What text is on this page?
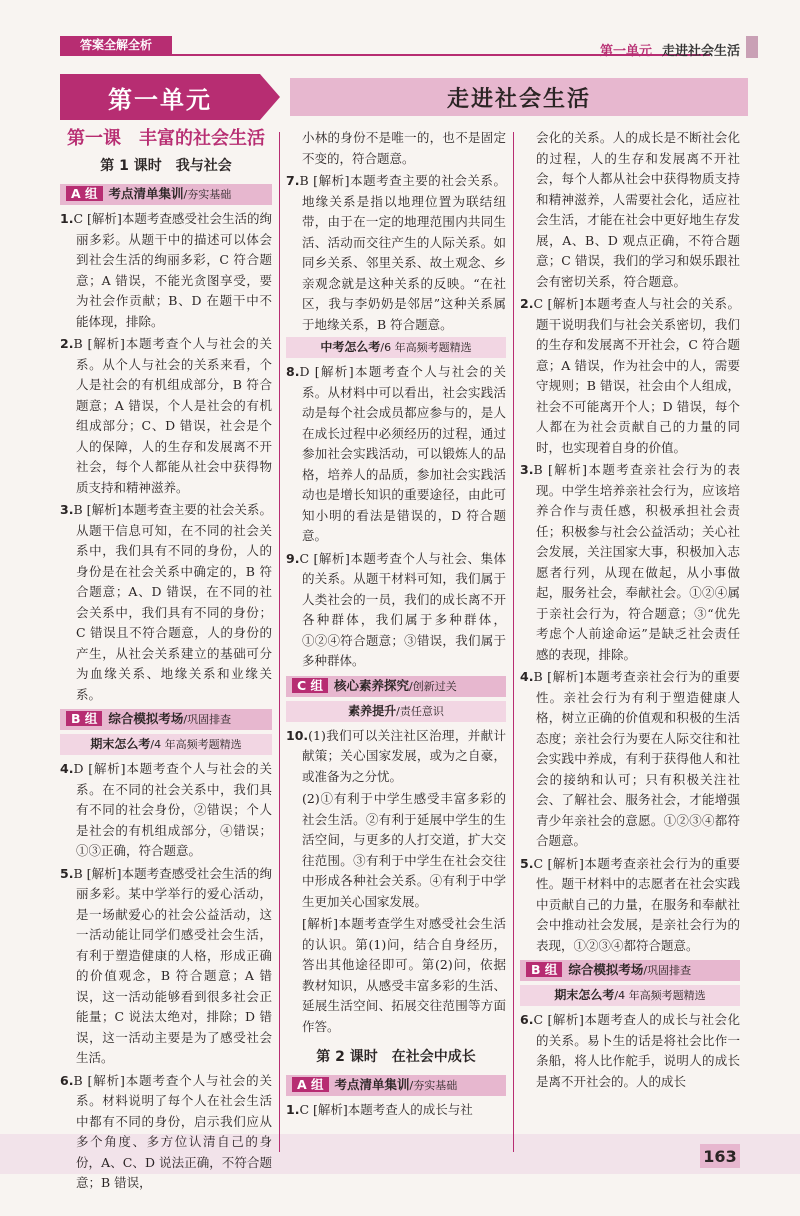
答案全解全析	第一单元 走进社会生活
第一单元	走进社会生活
第一课　丰富的社会生活
第 1 课时　我与社会
A 组 考点清单集训/夯实基础

1.C [解析]本题考查感受社会生活的绚丽多彩。从题干中的描述可以体会到社会生活的绚丽多彩，C 符合题意；A 错误，不能光贪图享受，要为社会作贡献；B、D 在题干中不能体现，排除。

2.B [解析]本题考查个人与社会的关系。从个人与社会的关系来看，个人是社会的有机组成部分，B 符合题意；A 错误，个人是社会的有机组成部分；C、D 错误，社会是个人的保障，人的生存和发展离不开社会，每个人都能从社会中获得物质支持和精神滋养。

3.B [解析]本题考查主要的社会关系。从题干信息可知，在不同的社会关系中，我们具有不同的身份，人的身份是在社会关系中确定的，B 符合题意；A、D 错误，在不同的社会关系中，我们具有不同的身份；C 错误且不符合题意，人的身份的产生，从社会关系建立的基础可分为血缘关系、地缘关系和业缘关系。

B 组 综合模拟考场/巩固排查
期末怎么考/4 年高频考题精选

4.D [解析]本题考查个人与社会的关系。在不同的社会关系中，我们具有不同的社会身份，②错误；个人是社会的有机组成部分，④错误；①③正确，符合题意。

5.B [解析]本题考查感受社会生活的绚丽多彩。某中学举行的爱心活动，是一场献爱心的社会公益活动，这一活动能让同学们感受社会生活，有利于塑造健康的人格，形成正确的价值观念，B 符合题意；A 错误，这一活动能够看到很多社会正能量；C 说法太绝对，排除；D 错误，这一活动主要是为了感受社会生活。

6.B [解析]本题考查个人与社会的关系。材料说明了每个人在社会生活中都有不同的身份，启示我们应从多个角度、多方位认清自己的身份，A、C、D 说法正确，不符合题意；B 错误，

小林的身份不是唯一的，也不是固定不变的，符合题意。

7.B [解析]本题考查主要的社会关系。地缘关系是指以地理位置为联结纽带，由于在一定的地理范围内共同生活、活动而交往产生的人际关系。如同乡关系、邻里关系、故土观念、乡亲观念就是这种关系的反映。“在社区，我与李奶奶是邻居”这种关系属于地缘关系，B 符合题意。

中考怎么考/6 年高频考题精选

8.D [解析]本题考查个人与社会的关系。从材料中可以看出，社会实践活动是每个社会成员都应参与的，是人在成长过程中必须经历的过程，通过参加社会实践活动，可以锻炼人的品格，培养人的品质，参加社会实践活动也是增长知识的重要途径，由此可知小明的看法是错误的，D 符合题意。

9.C [解析]本题考查个人与社会、集体的关系。从题干材料可知，我们属于人类社会的一员，我们的成长离不开各种群体，我们属于多种群体，①②④符合题意；③错误，我们属于多种群体。

C 组 核心素养探究/创新过关
素养提升/责任意识

10.(1)我们可以关注社区治理，并献计献策；关心国家发展，或为之自豪，或准备为之分忧。

(2)①有利于中学生感受丰富多彩的社会生活。②有利于延展中学生的生活空间，与更多的人打交道，扩大交往范围。③有利于中学生在社会交往中形成各种社会关系。④有利于中学生更加关心国家发展。

[解析]本题考查学生对感受社会生活的认识。第(1)问，结合自身经历，答出其他途径即可。第(2)问，依据教材知识，从感受丰富多彩的生活、延展生活空间、拓展交往范围等方面作答。

第 2 课时　在社会中成长
A 组 考点清单集训/夯实基础

1.C [解析]本题考查人的成长与社

会化的关系。人的成长是不断社会化的过程，人的生存和发展离不开社会，每个人都从社会中获得物质支持和精神滋养，人需要社会化，适应社会生活，才能在社会中更好地生存发展，A、B、D 观点正确，不符合题意；C 错误，我们的学习和娱乐跟社会有密切关系，符合题意。

2.C [解析]本题考查人与社会的关系。题干说明我们与社会关系密切，我们的生存和发展离不开社会，C 符合题意；A 错误，作为社会中的人，需要守规则；B 错误，社会由个人组成，社会不可能离开个人；D 错误，每个人都在为社会贡献自己的力量的同时，也实现着自身的价值。

3.B [解析]本题考查亲社会行为的表现。中学生培养亲社会行为，应该培养合作与责任感，积极承担社会责任；积极参与社会公益活动；关心社会发展，关注国家大事，积极加入志愿者行列，从现在做起，从小事做起，服务社会，奉献社会。①②④属于亲社会行为，符合题意；③“优先考虑个人前途命运”是缺乏社会责任感的表现，排除。

4.B [解析]本题考查亲社会行为的重要性。亲社会行为有利于塑造健康人格，树立正确的价值观和积极的生活态度；亲社会行为要在人际交往和社会实践中养成，有利于获得他人和社会的接纳和认可；只有积极关注社会、了解社会、服务社会，才能增强青少年亲社会的意愿。①②③④都符合题意。

5.C [解析]本题考查亲社会行为的重要性。题干材料中的志愿者在社会实践中贡献自己的力量，在服务和奉献社会中推动社会发展，是亲社会行为的表现，①②③④都符合题意。

B 组 综合模拟考场/巩固排查
期末怎么考/4 年高频考题精选

6.C [解析]本题考查人的成长与社会化的关系。易卜生的话是将社会比作一条船，将人比作舵手，说明人的成长是离不开社会的。人的成长

163
